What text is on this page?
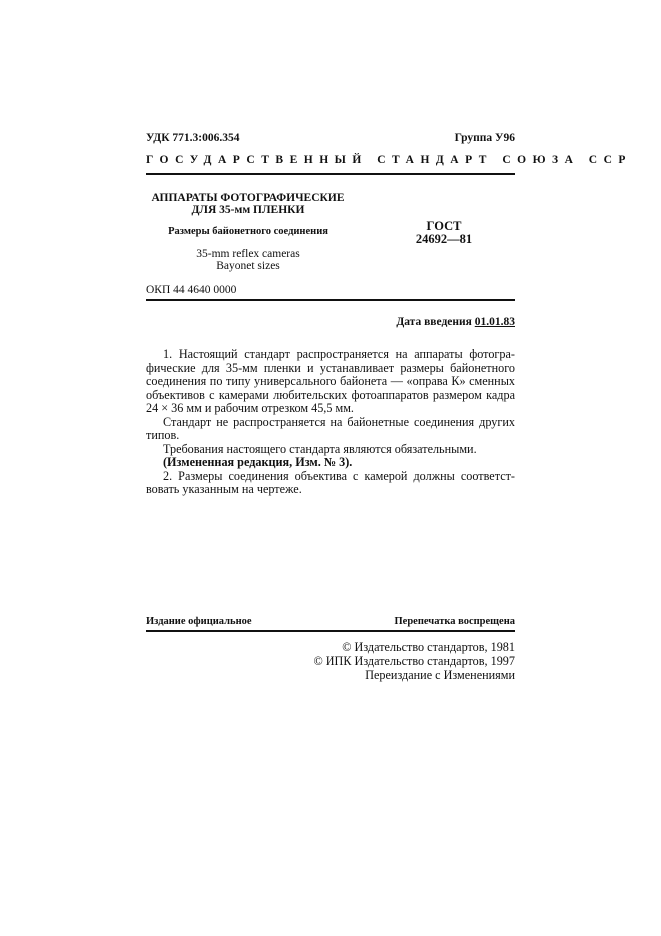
УДК 771.3:006.354	Группа У96
ГОСУДАРСТВЕННЫЙ СТАНДАРТ СОЮЗА ССР
АППАРАТЫ ФОТОГРАФИЧЕСКИЕ
ДЛЯ 35-мм ПЛЕНКИ
Размеры байонетного соединения
35-mm reflex cameras
Bayonet sizes
ГОСТ
24692—81
ОКП 44 4640 0000
Дата введения 01.01.83
1. Настоящий стандарт распространяется на аппараты фотогра-
фические для 35-мм пленки и устанавливает размеры байонетного
соединения по типу универсального байонета — «оправа К» сменных
объективов с камерами любительских фотоаппаратов размером кадра
24 × 36 мм и рабочим отрезком 45,5 мм.
Стандарт не распространяется на байонетные соединения других
типов.
Требования настоящего стандарта являются обязательными.
(Измененная редакция, Изм. № 3).
2. Размеры соединения объектива с камерой должны соответст-
вовать указанным на чертеже.
Издание официальное	Перепечатка воспрещена
© Издательство стандартов, 1981
© ИПК Издательство стандартов, 1997
Переиздание с Изменениями
